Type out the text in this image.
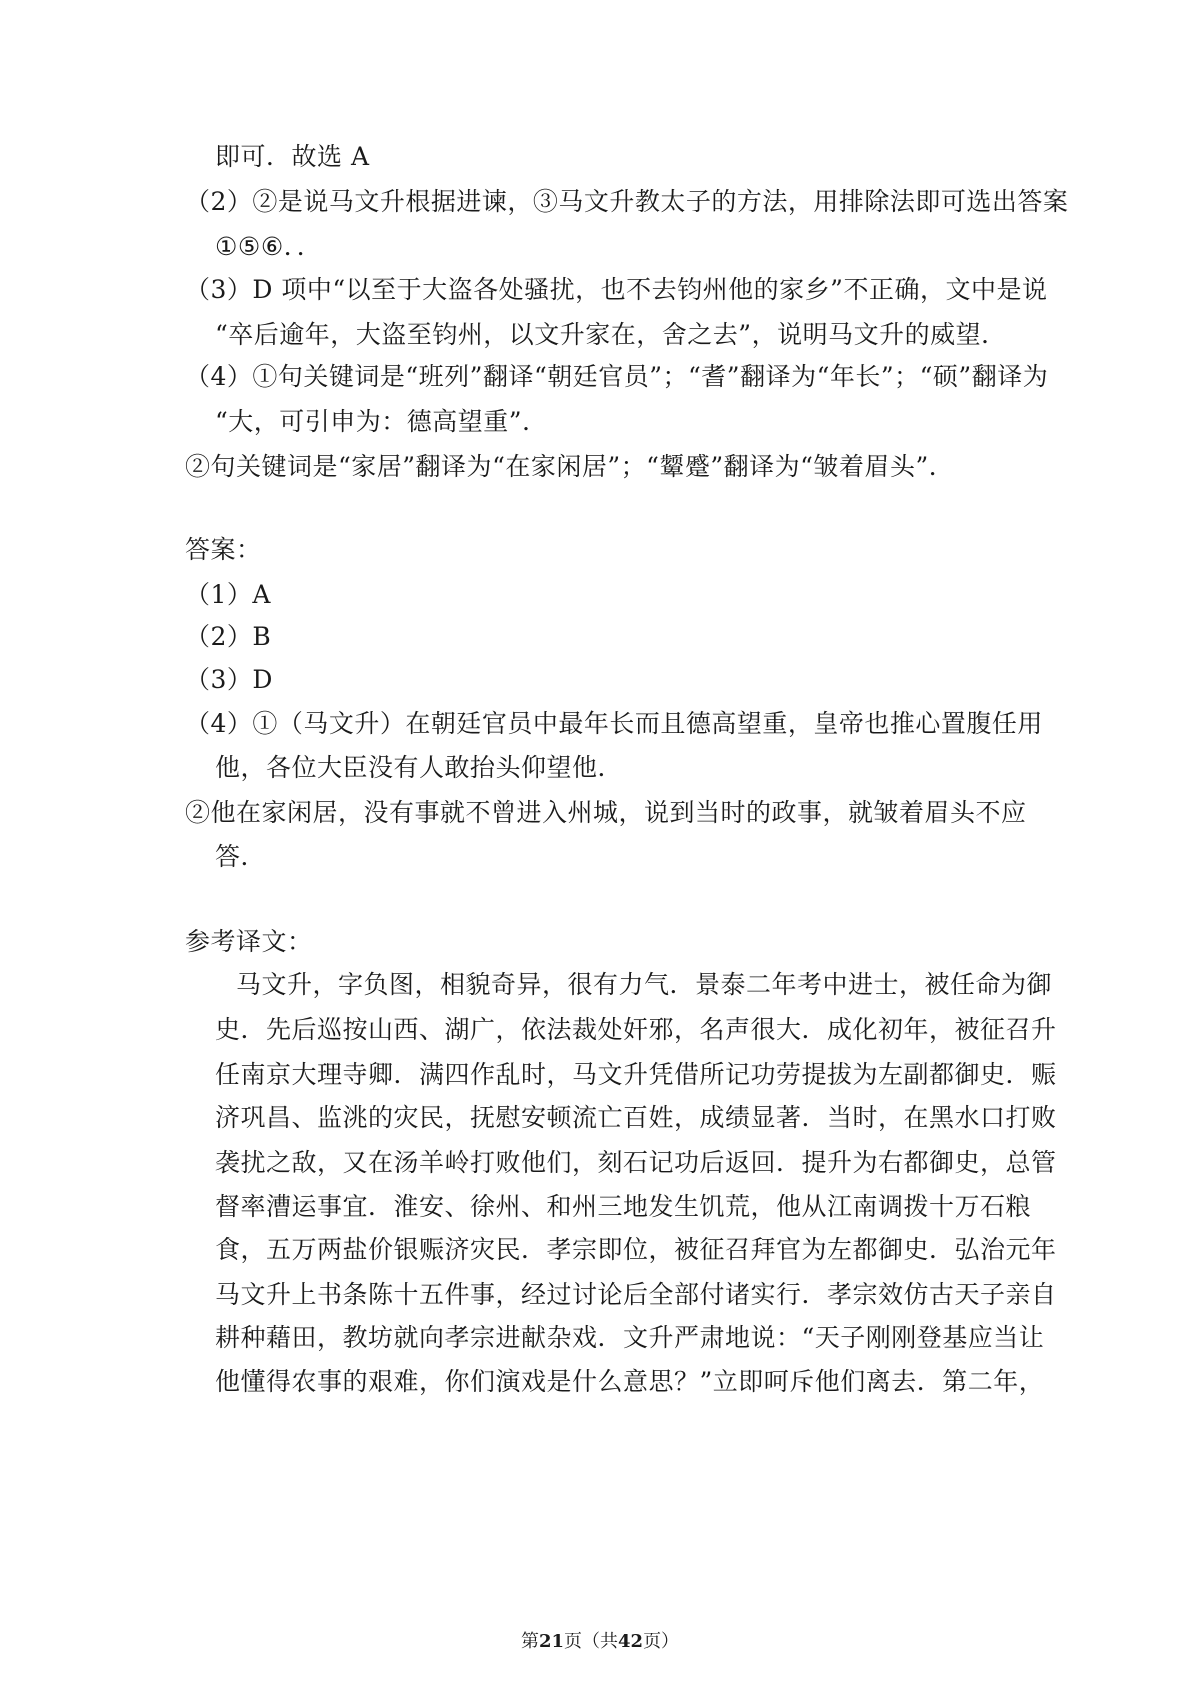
即可．故选 A
（2）②是说马文升根据进谏，③马文升教太子的方法，用排除法即可选出答案
①⑤⑥．．
（3）D 项中“以至于大盗各处骚扰，也不去钧州他的家乡”不正确，文中是说
“卒后逾年，大盗至钧州，以文升家在，舍之去”，说明马文升的威望．
（4）①句关键词是“班列”翻译“朝廷官员”；“耆”翻译为“年长”；“硕”翻译为
“大，可引申为：德高望重”．
②句关键词是“家居”翻译为“在家闲居”；“颦蹙”翻译为“皱着眉头”．
答案：
（1）A
（2）B
（3）D
（4）①（马文升）在朝廷官员中最年长而且德高望重，皇帝也推心置腹任用
他，各位大臣没有人敢抬头仰望他．
②他在家闲居，没有事就不曾进入州城，说到当时的政事，就皱着眉头不应
答．
参考译文：
马文升，字负图，相貌奇异，很有力气．景泰二年考中进士，被任命为御
史．先后巡按山西、湖广，依法裁处奸邪，名声很大．成化初年，被征召升
任南京大理寺卿．满四作乱时，马文升凭借所记功劳提拔为左副都御史．赈
济巩昌、监洮的灾民，抚慰安顿流亡百姓，成绩显著．当时，在黑水口打败
袭扰之敌，又在汤羊岭打败他们，刻石记功后返回．提升为右都御史，总管
督率漕运事宜．淮安、徐州、和州三地发生饥荒，他从江南调拨十万石粮
食，五万两盐价银赈济灾民．孝宗即位，被征召拜官为左都御史．弘治元年
马文升上书条陈十五件事，经过讨论后全部付诸实行．孝宗效仿古天子亲自
耕种藉田，教坊就向孝宗进献杂戏．文升严肃地说：“天子刚刚登基应当让
他懂得农事的艰难，你们演戏是什么意思？”立即呵斥他们离去．第二年，
第21页（共42页）
